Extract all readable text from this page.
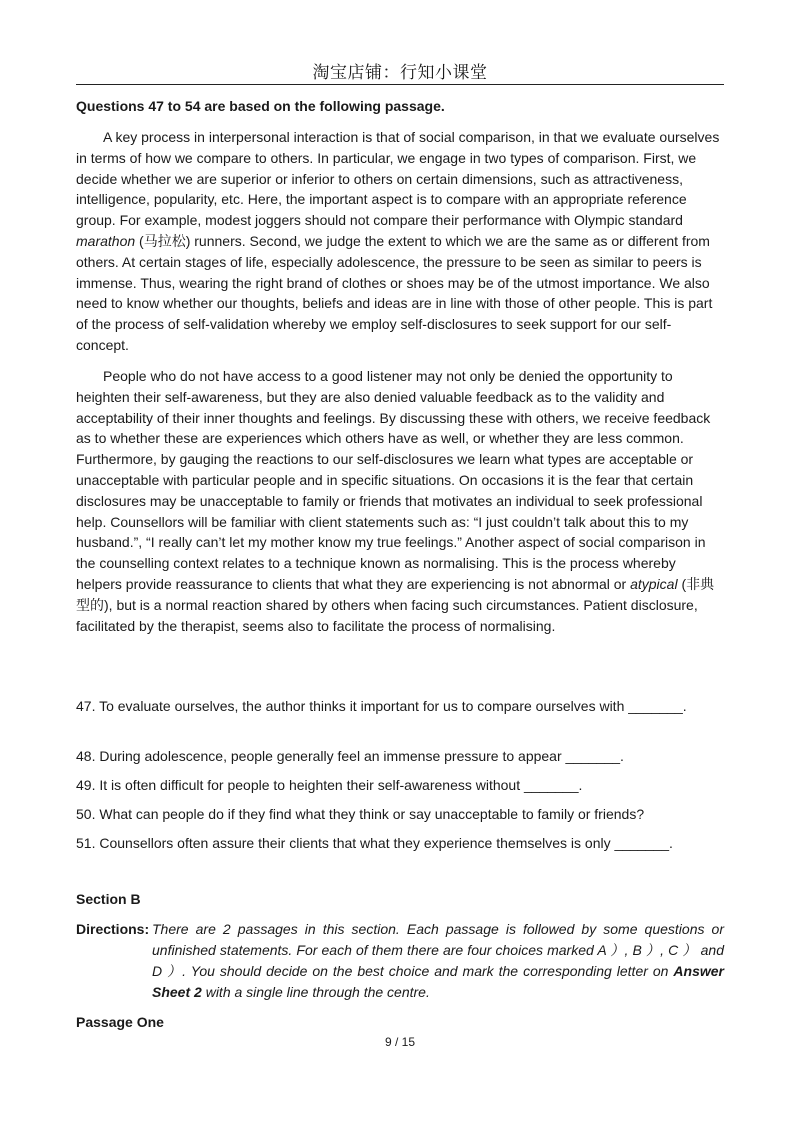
淘宝店铺：行知小课堂
Questions 47 to 54 are based on the following passage.

A key process in interpersonal interaction is that of social comparison, in that we evaluate ourselves in terms of how we compare to others. In particular, we engage in two types of comparison. First, we decide whether we are superior or inferior to others on certain dimensions, such as attractiveness, intelligence, popularity, etc. Here, the important aspect is to compare with an appropriate reference group. For example, modest joggers should not compare their performance with Olympic standard marathon (马拉松) runners. Second, we judge the extent to which we are the same as or different from others. At certain stages of life, especially adolescence, the pressure to be seen as similar to peers is immense. Thus, wearing the right brand of clothes or shoes may be of the utmost importance. We also need to know whether our thoughts, beliefs and ideas are in line with those of other people. This is part of the process of self-validation whereby we employ self-disclosures to seek support for our self-concept.

People who do not have access to a good listener may not only be denied the opportunity to heighten their self-awareness, but they are also denied valuable feedback as to the validity and acceptability of their inner thoughts and feelings. By discussing these with others, we receive feedback as to whether these are experiences which others have as well, or whether they are less common. Furthermore, by gauging the reactions to our self-disclosures we learn what types are acceptable or unacceptable with particular people and in specific situations. On occasions it is the fear that certain disclosures may be unacceptable to family or friends that motivates an individual to seek professional help. Counsellors will be familiar with client statements such as: “I just couldn’t talk about this to my husband.”, “I really can’t let my mother know my true feelings.” Another aspect of social comparison in the counselling context relates to a technique known as normalising. This is the process whereby helpers provide reassurance to clients that what they are experiencing is not abnormal or atypical (非典型的), but is a normal reaction shared by others when facing such circumstances. Patient disclosure, facilitated by the therapist, seems also to facilitate the process of normalising.

47. To evaluate ourselves, the author thinks it important for us to compare ourselves with _______.

48. During adolescence, people generally feel an immense pressure to appear _______.

49. It is often difficult for people to heighten their self-awareness without _______.

50. What can people do if they find what they think or say unacceptable to family or friends?

51. Counsellors often assure their clients that what they experience themselves is only _______.

Section B
Directions: There are 2 passages in this section. Each passage is followed by some questions or unfinished statements. For each of them there are four choices marked A ）, B ）, C ） and D ）. You should decide on the best choice and mark the corresponding letter on Answer Sheet 2 with a single line through the centre.
Passage One
9 / 15
